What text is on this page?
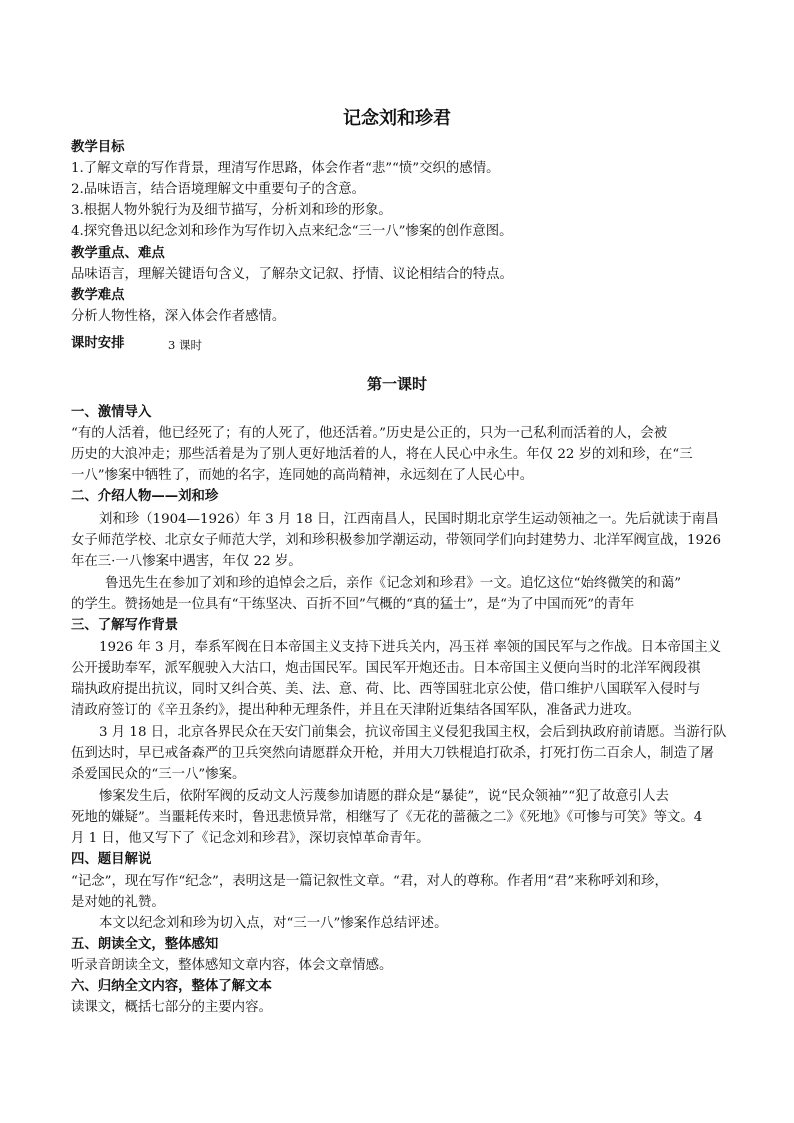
记念刘和珍君
教学目标
1.了解文章的写作背景，理清写作思路，体会作者“悲”“愤”交织的感情。
2.品味语言，结合语境理解文中重要句子的含意。
3.根据人物外貌行为及细节描写，分析刘和珍的形象。
4.探究鲁迅以纪念刘和珍作为写作切入点来纪念“三一八”惨案的创作意图。
教学重点、难点
品味语言，理解关键语句含义，了解杂文记叙、抒情、议论相结合的特点。
教学难点
分析人物性格，深入体会作者感情。
课时安排	3 课时
第一课时
一、激情导入
“有的人活着，他已经死了；有的人死了，他还活着。”历史是公正的，只为一己私利而活着的人，会被
历史的大浪冲走；那些活着是为了别人更好地活着的人，将在人民心中永生。年仅 22 岁的刘和珍，在“三
一八”惨案中牺牲了，而她的名字，连同她的高尚精神，永远刻在了人民心中。
二、介绍人物——刘和珍
刘和珍（1904—1926）年 3 月 18 日，江西南昌人，民国时期北京学生运动领袖之一。先后就读于南昌
女子师范学校、北京女子师范大学，刘和珍积极参加学潮运动，带领同学们向封建势力、北洋军阀宣战，1926
年在三·一八惨案中遇害，年仅 22 岁。
鲁迅先生在参加了刘和珍的追悼会之后，亲作《记念刘和珍君》一文。追忆这位“始终微笑的和蔼”
的学生。赞扬她是一位具有“干练坚决、百折不回”气概的“真的猛士”，是“为了中国而死”的青年
三、了解写作背景
1926 年 3 月，奉系军阀在日本帝国主义支持下进兵关内，冯玉祥 率领的国民军与之作战。日本帝国主义
公开援助奉军，派军舰驶入大沽口，炮击国民军。国民军开炮还击。日本帝国主义便向当时的北洋军阀段祺
瑞执政府提出抗议，同时又纠合英、美、法、意、荷、比、西等国驻北京公使，借口维护八国联军入侵时与
清政府签订的《辛丑条约》，提出种种无理条件，并且在天津附近集结各国军队，准备武力进攻。
3 月 18 日，北京各界民众在天安门前集会，抗议帝国主义侵犯我国主权，会后到执政府前请愿。当游行队
伍到达时，早已戒备森严的卫兵突然向请愿群众开枪，并用大刀铁棍追打砍杀，打死打伤二百余人，制造了屠
杀爱国民众的“三一八”惨案。
惨案发生后，依附军阀的反动文人污蔑参加请愿的群众是“暴徒”，说“民众领袖”“犯了故意引人去
死地的嫌疑”。当噩耗传来时，鲁迅悲愤异常，相继写了《无花的蔷薇之二》《死地》《可惨与可笑》等文。4
月 1 日，他又写下了《记念刘和珍君》，深切哀悼革命青年。
四、题目解说
“记念”，现在写作“纪念”，表明这是一篇记叙性文章。“君，对人的尊称。作者用“君”来称呼刘和珍，
是对她的礼赞。
本文以纪念刘和珍为切入点，对“三一八”惨案作总结评述。
五、朗读全文，整体感知
听录音朗读全文，整体感知文章内容，体会文章情感。
六、归纳全文内容，整体了解文本
读课文，概括七部分的主要内容。
